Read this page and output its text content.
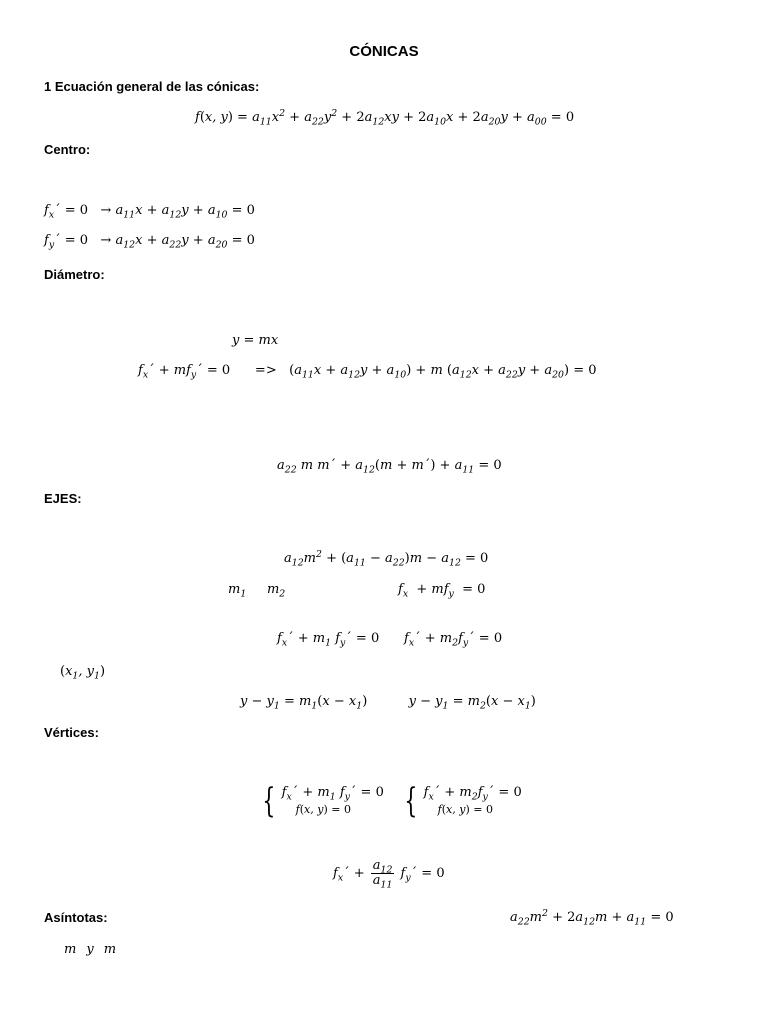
CÓNICAS
1 Ecuación general de las cónicas:
f(x, $y) = a_{11}x^2 + a_{22}y^2 + 2a_{12}xy + 2a_{10}x + 2a_{20}y + a_{00} = 0$
Centro:
$f_x´ = 0 \to a_{11}x + a_{12}y + a_{10} = 0$
$f_y´ = 0 \to a_{12}x + a_{22}y + a_{20} = 0$
Diámetro:
y = mx
$f_x´$ + $mf_y´ = 0$      =>   $(a_{11}x + a_{12}y + a_{10}) + m$ $(a_{12}x + a_{22}y + a_{20}) = 0$
$a_{22}$ m m´ + $a_{12}(m$ + m´) + $a_{11} = 0$
EJES:
$a_{12}m^2 + (a_{11} - a_{22})m - a_{12} = 0$
$m_1$ $m_2$	$f_x + mf_y = 0$
$f_x´ + m_1$ $f_y´ = 0$      $f_x´$ + $m_2f_y´ = 0$
($x_1$, $y_1$)
$y - y_1 = m_1(x - x_1)$          $y - y_1 = m_2(x - x_1)$
Vértices:
{ $f_x´ + m_1$ $f_y´ = 0$
f(x, y) = 0	{ $f_x´$ + $m_2f_y´ = 0$
f(x, y) = 0
$f_x´ + \frac{a_{12}}{a_{11}}$ $f_y´ = 0$
Asíntotas:	$a_{22}m^2 + 2a_{12}m + a_{11} = 0$
m y m
